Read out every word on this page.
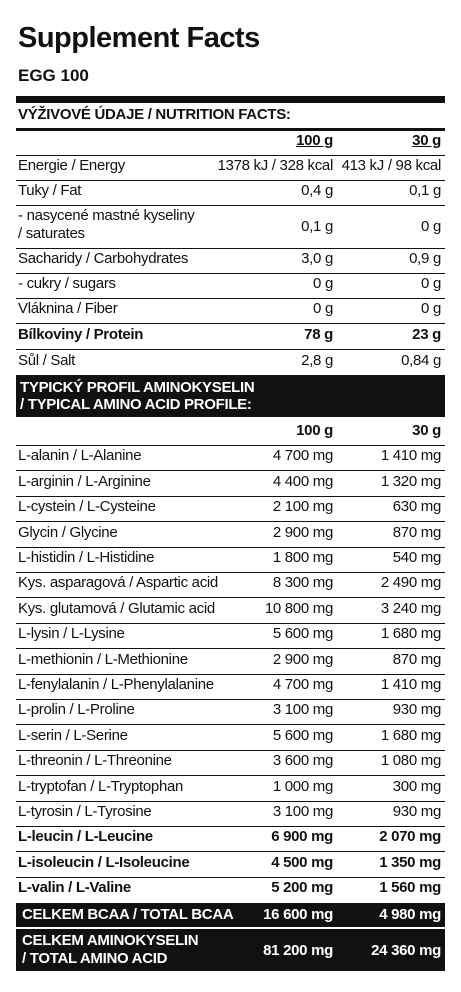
Supplement Facts
EGG 100
VÝŽIVOVÉ ÚDAJE / NUTRITION FACTS:
100 g	30 g
Energie / Energy	1378 kJ / 328 kcal 413 kJ / 98 kcal
Tuky / Fat	0,4 g	0,1 g
- nasycené mastné kyseliny
/ saturates	0,1 g	0 g
Sacharidy / Carbohydrates	3,0 g	0,9 g
- cukry / sugars	0 g	0 g
Vláknina / Fiber	0 g	0 g
Bílkoviny / Protein	78 g	23 g
Sůl / Salt	2,8 g	0,84 g
TYPICKÝ PROFIL AMINOKYSELIN
/ TYPICAL AMINO ACID PROFILE:
100 g	30 g
L-alanin / L-Alanine	4 700 mg	1 410 mg
L-arginin / L-Arginine	4 400 mg	1 320 mg
L-cystein / L-Cysteine	2 100 mg	630 mg
Glycin / Glycine	2 900 mg	870 mg
L-histidin / L-Histidine	1 800 mg	540 mg
Kys. asparagová / Aspartic acid	8 300 mg	2 490 mg
Kys. glutamová / Glutamic acid	10 800 mg	3 240 mg
L-lysin / L-Lysine	5 600 mg	1 680 mg
L-methionin / L-Methionine	2 900 mg	870 mg
L-fenylalanin / L-Phenylalanine	4 700 mg	1 410 mg
L-prolin / L-Proline	3 100 mg	930 mg
L-serin / L-Serine	5 600 mg	1 680 mg
L-threonin / L-Threonine	3 600 mg	1 080 mg
L-tryptofan / L-Tryptophan	1 000 mg	300 mg
L-tyrosin / L-Tyrosine	3 100 mg	930 mg
L-leucin / L-Leucine	6 900 mg	2 070 mg
L-isoleucin / L-Isoleucine	4 500 mg	1 350 mg
L-valin / L-Valine	5 200 mg	1 560 mg
CELKEM BCAA / TOTAL BCAA 16 600 mg	4 980 mg
CELKEM AMINOKYSELIN
/ TOTAL AMINO ACID	81 200 mg	24 360 mg
